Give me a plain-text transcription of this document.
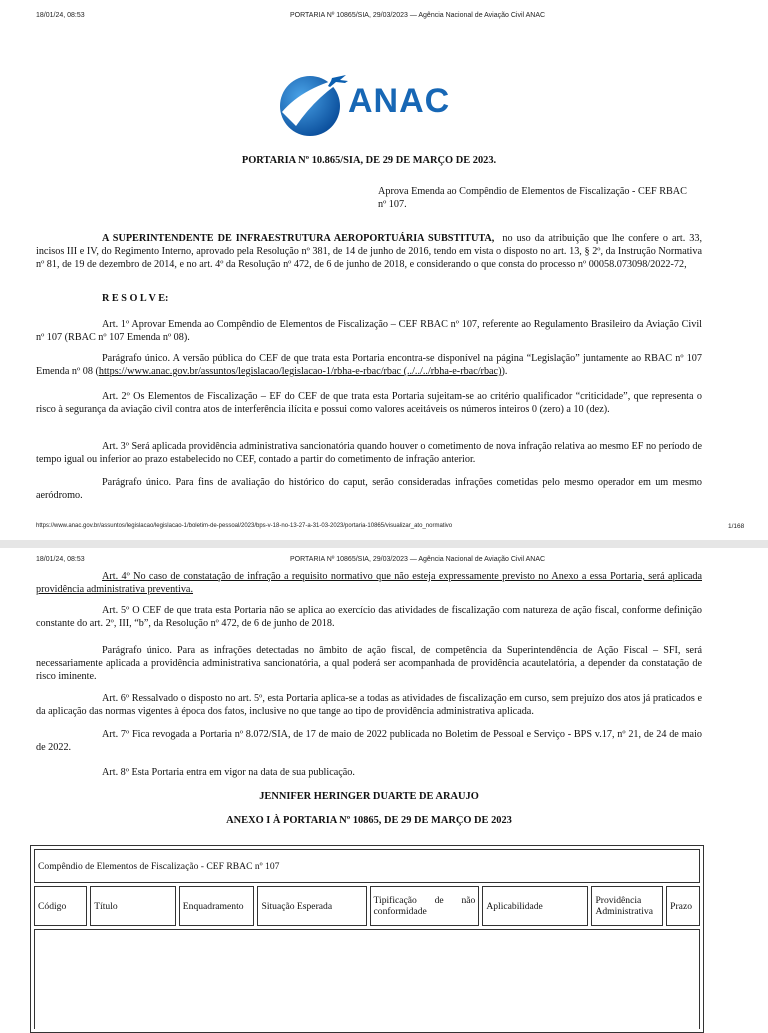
18/01/24, 08:53	PORTARIA Nº 10865/SIA, 29/03/2023 — Agência Nacional de Aviação Civil ANAC
ANAC

PORTARIA Nº 10.865/SIA, DE 29 DE MARÇO DE 2023.

Aprova Emenda ao Compêndio de Elementos de Fiscalização - CEF RBAC nº 107.

A SUPERINTENDENTE DE INFRAESTRUTURA AEROPORTUÁRIA SUBSTITUTA, no uso da atribuição que lhe confere o art. 33, incisos III e IV, do Regimento Interno, aprovado pela Resolução nº 381, de 14 de junho de 2016, tendo em vista o disposto no art. 13, § 2º, da Instrução Normativa nº 81, de 19 de dezembro de 2014, e no art. 4º da Resolução nº 472, de 6 de junho de 2018, e considerando o que consta do processo nº 00058.073098/2022-72,

R E S O L V E:

Art. 1º Aprovar Emenda ao Compêndio de Elementos de Fiscalização – CEF RBAC nº 107, referente ao Regulamento Brasileiro da Aviação Civil nº 107 (RBAC nº 107 Emenda nº 08).

Parágrafo único. A versão pública do CEF de que trata esta Portaria encontra-se disponível na página “Legislação” juntamente ao RBAC nº 107 Emenda nº 08 (https://www.anac.gov.br/assuntos/legislacao/legislacao-1/rbha-e-rbac/rbac (../../../rbha-e-rbac/rbac)).

Art. 2º Os Elementos de Fiscalização – EF do CEF de que trata esta Portaria sujeitam-se ao critério qualificador “criticidade”, que representa o risco à segurança da aviação civil contra atos de interferência ilícita e possui como valores aceitáveis os números inteiros 0 (zero) a 10 (dez).

Art. 3º Será aplicada providência administrativa sancionatória quando houver o cometimento de nova infração relativa ao mesmo EF no período de tempo igual ou inferior ao prazo estabelecido no CEF, contado a partir do cometimento de infração anterior.

Parágrafo único. Para fins de avaliação do histórico do caput, serão consideradas infrações cometidas pelo mesmo operador em um mesmo aeródromo.

https://www.anac.gov.br/assuntos/legislacao/legislacao-1/boletim-de-pessoal/2023/bps-v-18-no-13-27-a-31-03-2023/portaria-10865/visualizar_ato_normativo	1/168
18/01/24, 08:53	PORTARIA Nº 10865/SIA, 29/03/2023 — Agência Nacional de Aviação Civil ANAC

Art. 4º No caso de constatação de infração a requisito normativo que não esteja expressamente previsto no Anexo a essa Portaria, será aplicada providência administrativa preventiva.

Art. 5º O CEF de que trata esta Portaria não se aplica ao exercício das atividades de fiscalização com natureza de ação fiscal, conforme definição constante do art. 2º, III, “b”, da Resolução nº 472, de 6 de junho de 2018.

Parágrafo único. Para as infrações detectadas no âmbito de ação fiscal, de competência da Superintendência de Ação Fiscal – SFI, será necessariamente aplicada a providência administrativa sancionatória, a qual poderá ser acompanhada de providência acautelatória, a depender da constatação de risco iminente.

Art. 6º Ressalvado o disposto no art. 5º, esta Portaria aplica-se a todas as atividades de fiscalização em curso, sem prejuízo dos atos já praticados e da aplicação das normas vigentes à época dos fatos, inclusive no que tange ao tipo de providência administrativa aplicada.

Art. 7º Fica revogada a Portaria nº 8.072/SIA, de 17 de maio de 2022 publicada no Boletim de Pessoal e Serviço - BPS v.17, nº 21, de 24 de maio de 2022.

Art. 8º Esta Portaria entra em vigor na data de sua publicação.

JENNIFER HERINGER DUARTE DE ARAUJO

ANEXO I À PORTARIA Nº 10865, DE 29 DE MARÇO DE 2023

Compêndio de Elementos de Fiscalização - CEF RBAC nº 107
Código	Título	Enquadramento	Situação Esperada	Tipificação de não conformidade	Aplicabilidade	Providência Administrativa	Prazo
